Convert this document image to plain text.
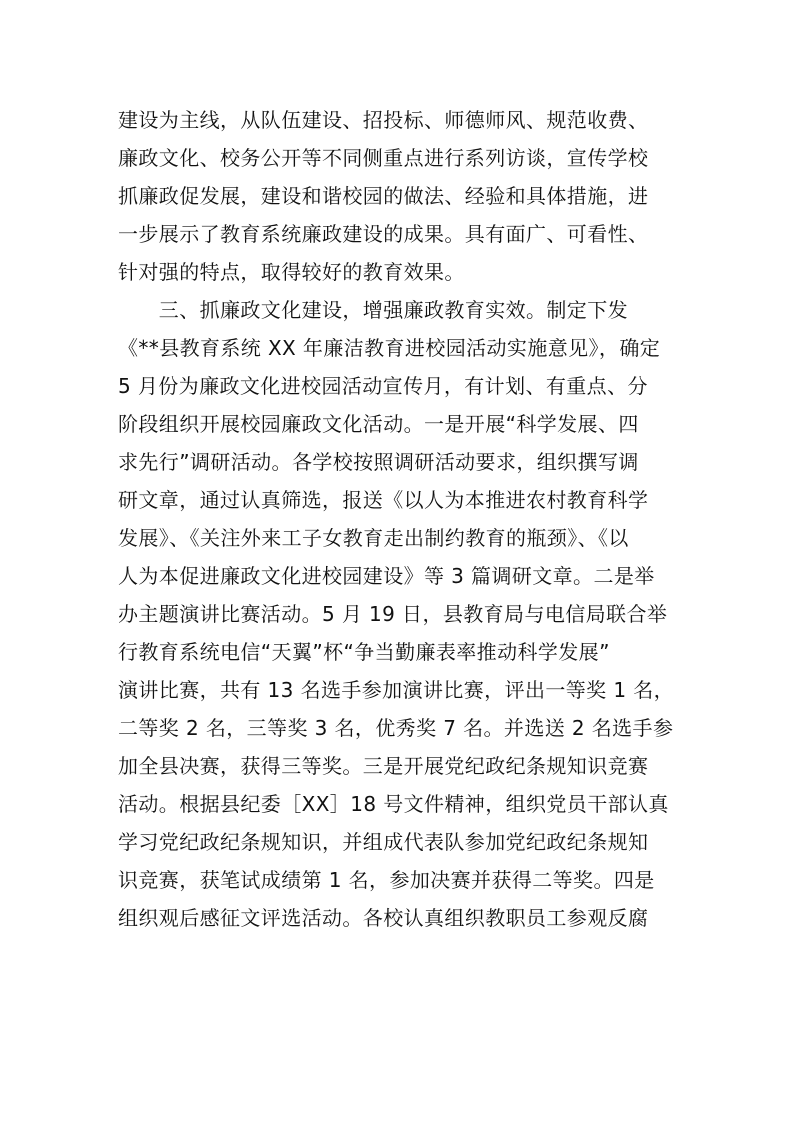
建设为主线，从队伍建设、招投标、师德师风、规范收费、
廉政文化、校务公开等不同侧重点进行系列访谈，宣传学校
抓廉政促发展，建设和谐校园的做法、经验和具体措施，进
一步展示了教育系统廉政建设的成果。具有面广、可看性、
针对强的特点，取得较好的教育效果。
　　三、抓廉政文化建设，增强廉政教育实效。制定下发
《**县教育系统 XX 年廉洁教育进校园活动实施意见》，确定
5 月份为廉政文化进校园活动宣传月，有计划、有重点、分
阶段组织开展校园廉政文化活动。一是开展“科学发展、四
求先行”调研活动。各学校按照调研活动要求，组织撰写调
研文章，通过认真筛选，报送《以人为本推进农村教育科学
发展》、《关注外来工子女教育走出制约教育的瓶颈》、《以
人为本促进廉政文化进校园建设》等 3 篇调研文章。二是举
办主题演讲比赛活动。5 月 19 日，县教育局与电信局联合举
行教育系统电信“天翼”杯“争当勤廉表率推动科学发展”
演讲比赛，共有 13 名选手参加演讲比赛，评出一等奖 1 名，
二等奖 2 名，三等奖 3 名，优秀奖 7 名。并选送 2 名选手参
加全县决赛，获得三等奖。三是开展党纪政纪条规知识竞赛
活动。根据县纪委［XX］18 号文件精神，组织党员干部认真
学习党纪政纪条规知识，并组成代表队参加党纪政纪条规知
识竞赛，获笔试成绩第 1 名，参加决赛并获得二等奖。四是
组织观后感征文评选活动。各校认真组织教职员工参观反腐
